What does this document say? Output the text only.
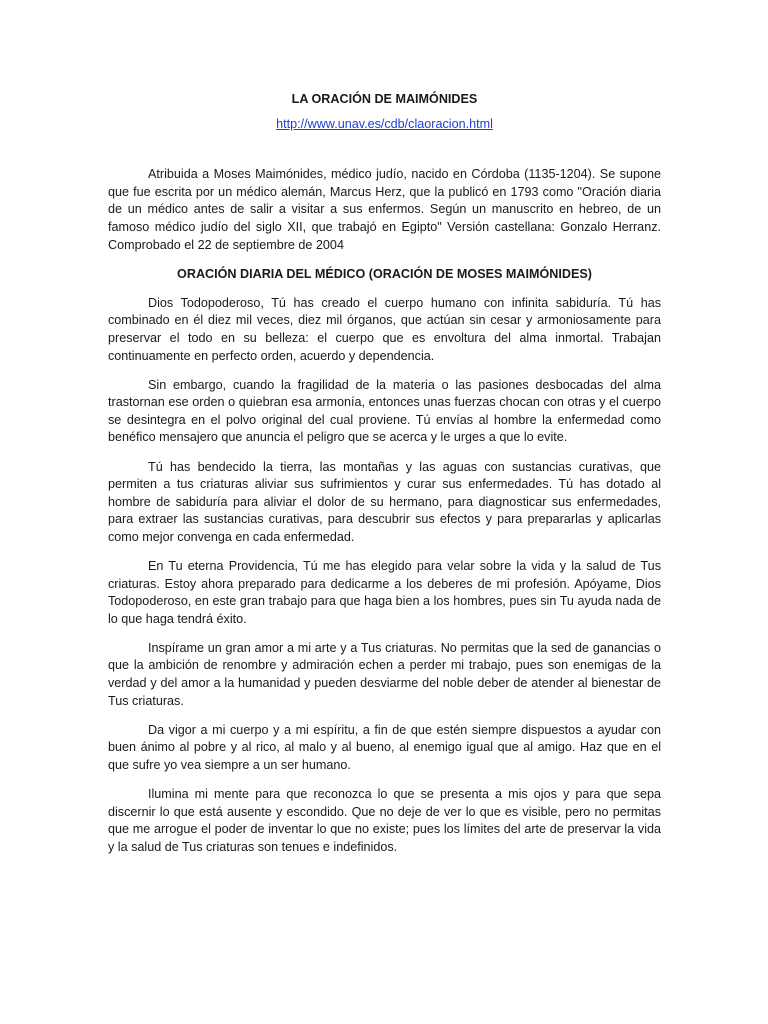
LA ORACIÓN DE MAIMÓNIDES
http://www.unav.es/cdb/claoracion.html

Atribuida a Moses Maimónides, médico judío, nacido en Córdoba (1135-1204). Se supone que fue escrita por un médico alemán, Marcus Herz, que la publicó en 1793 como "Oración diaria de un médico antes de salir a visitar a sus enfermos. Según un manuscrito en hebreo, de un famoso médico judío del siglo XII, que trabajó en Egipto" Versión castellana: Gonzalo Herranz. Comprobado el 22 de septiembre de 2004

ORACIÓN DIARIA DEL MÉDICO (ORACIÓN DE MOSES MAIMÓNIDES)

Dios Todopoderoso, Tú has creado el cuerpo humano con infinita sabiduría. Tú has combinado en él diez mil veces, diez mil órganos, que actúan sin cesar y armoniosamente para preservar el todo en su belleza: el cuerpo que es envoltura del alma inmortal. Trabajan continuamente en perfecto orden, acuerdo y dependencia.

Sin embargo, cuando la fragilidad de la materia o las pasiones desbocadas del alma trastornan ese orden o quiebran esa armonía, entonces unas fuerzas chocan con otras y el cuerpo se desintegra en el polvo original del cual proviene. Tú envías al hombre la enfermedad como benéfico mensajero que anuncia el peligro que se acerca y le urges a que lo evite.

Tú has bendecido la tierra, las montañas y las aguas con sustancias curativas, que permiten a tus criaturas aliviar sus sufrimientos y curar sus enfermedades. Tú has dotado al hombre de sabiduría para aliviar el dolor de su hermano, para diagnosticar sus enfermedades, para extraer las sustancias curativas, para descubrir sus efectos y para prepararlas y aplicarlas como mejor convenga en cada enfermedad.

En Tu eterna Providencia, Tú me has elegido para velar sobre la vida y la salud de Tus criaturas. Estoy ahora preparado para dedicarme a los deberes de mi profesión. Apóyame, Dios Todopoderoso, en este gran trabajo para que haga bien a los hombres, pues sin Tu ayuda nada de lo que haga tendrá éxito.

Inspírame un gran amor a mi arte y a Tus criaturas. No permitas que la sed de ganancias o que la ambición de renombre y admiración echen a perder mi trabajo, pues son enemigas de la verdad y del amor a la humanidad y pueden desviarme del noble deber de atender al bienestar de Tus criaturas.

Da vigor a mi cuerpo y a mi espíritu, a fin de que estén siempre dispuestos a ayudar con buen ánimo al pobre y al rico, al malo y al bueno, al enemigo igual que al amigo. Haz que en el que sufre yo vea siempre a un ser humano.

Ilumina mi mente para que reconozca lo que se presenta a mis ojos y para que sepa discernir lo que está ausente y escondido. Que no deje de ver lo que es visible, pero no permitas que me arrogue el poder de inventar lo que no existe; pues los límites del arte de preservar la vida y la salud de Tus criaturas son tenues e indefinidos.
